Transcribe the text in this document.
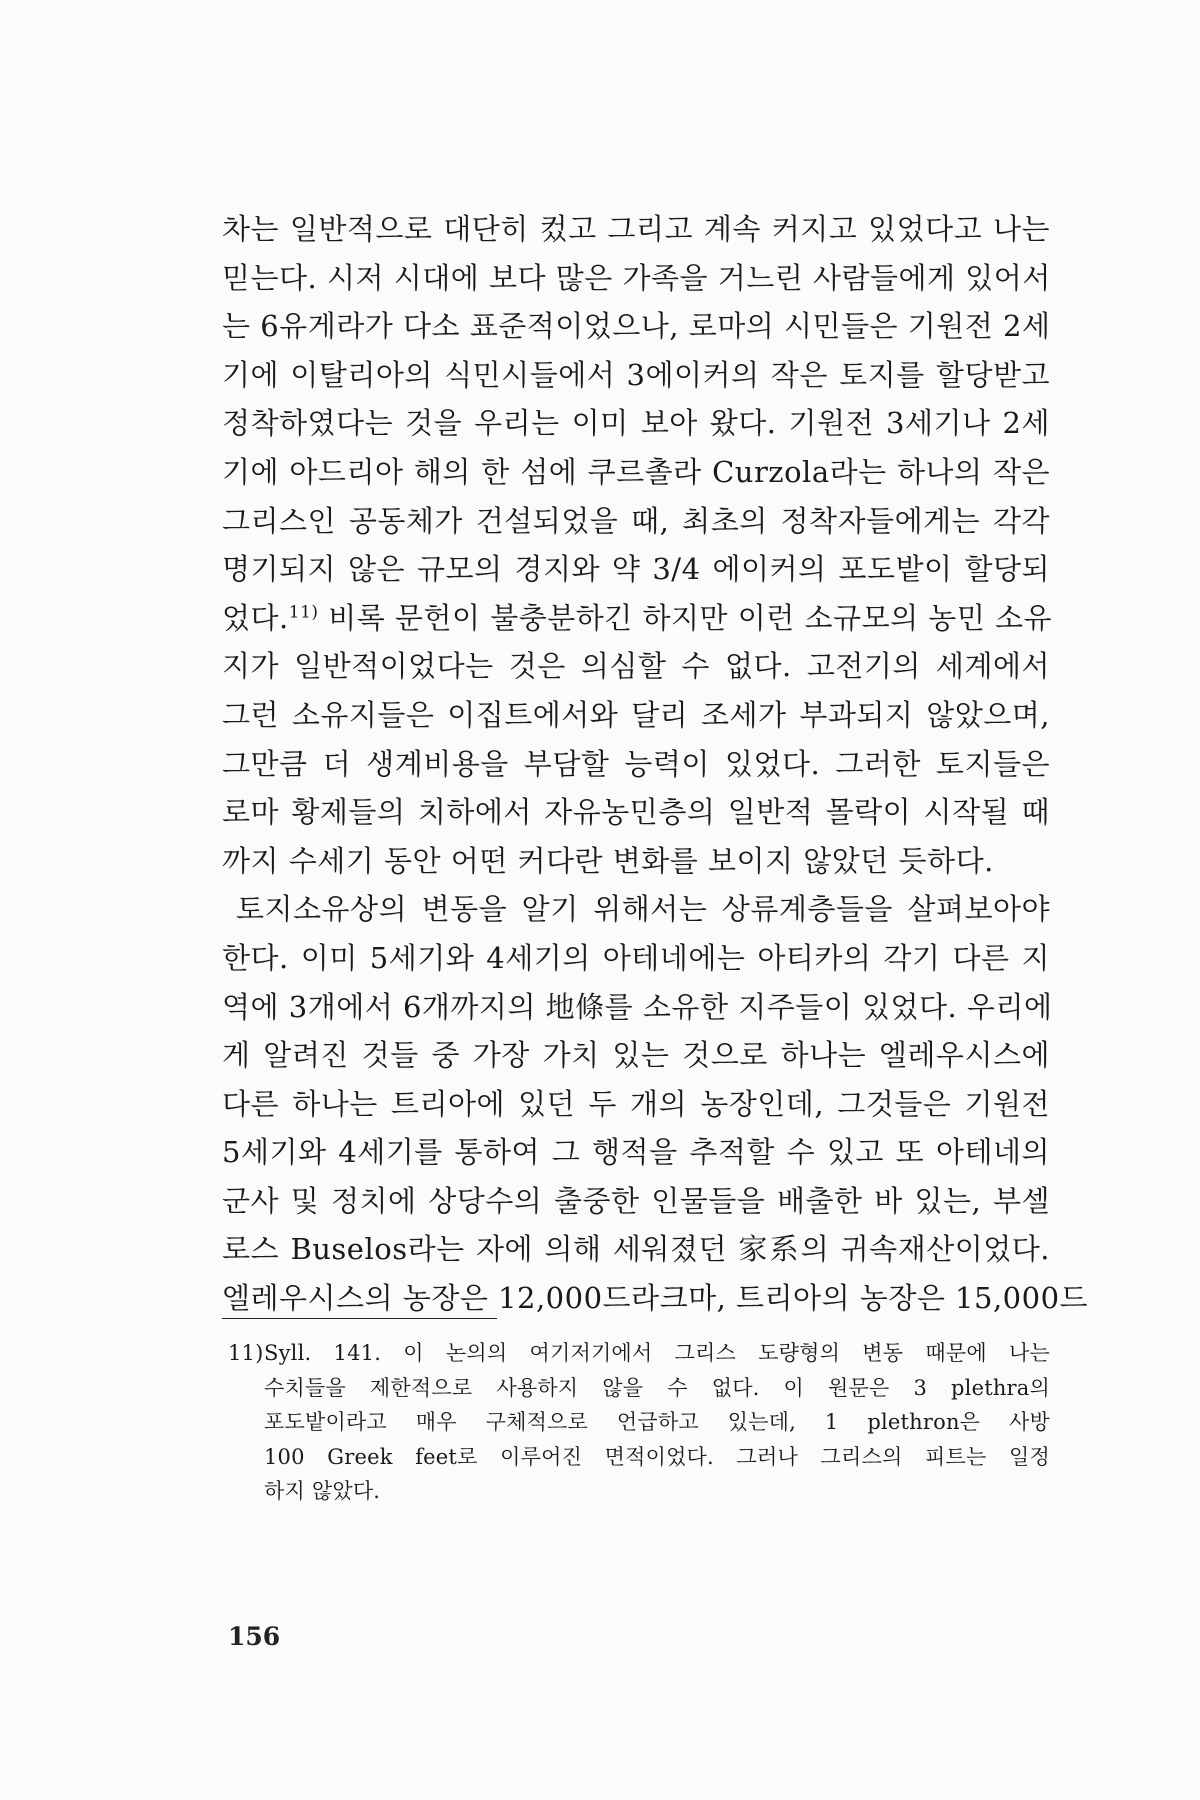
차는 일반적으로 대단히 컸고 그리고 계속 커지고 있었다고 나는
믿는다. 시저 시대에 보다 많은 가족을 거느린 사람들에게 있어서
는 6유게라가 다소 표준적이었으나, 로마의 시민들은 기원전 2세
기에 이탈리아의 식민시들에서 3에이커의 작은 토지를 할당받고
정착하였다는 것을 우리는 이미 보아 왔다. 기원전 3세기나 2세
기에 아드리아 해의 한 섬에 쿠르촐라 Curzola라는 하나의 작은
그리스인 공동체가 건설되었을 때, 최초의 정착자들에게는 각각
명기되지 않은 규모의 경지와 약 3/4 에이커의 포도밭이 할당되
었다.$^{11)}$ 비록 문헌이 불충분하긴 하지만 이런 소규모의 농민 소유
지가 일반적이었다는 것은 의심할 수 없다. 고전기의 세계에서
그런 소유지들은 이집트에서와 달리 조세가 부과되지 않았으며,
그만큼 더 생계비용을 부담할 능력이 있었다. 그러한 토지들은
로마 황제들의 치하에서 자유농민층의 일반적 몰락이 시작될 때
까지 수세기 동안 어떤 커다란 변화를 보이지 않았던 듯하다.
토지소유상의 변동을 알기 위해서는 상류계층들을 살펴보아야
한다. 이미 5세기와 4세기의 아테네에는 아티카의 각기 다른 지
역에 3개에서 6개까지의 地條를 소유한 지주들이 있었다. 우리에
게 알려진 것들 중 가장 가치 있는 것으로 하나는 엘레우시스에
다른 하나는 트리아에 있던 두 개의 농장인데, 그것들은 기원전
5세기와 4세기를 통하여 그 행적을 추적할 수 있고 또 아테네의
군사 및 정치에 상당수의 출중한 인물들을 배출한 바 있는, 부셀
로스 Buselos라는 자에 의해 세워졌던 家系의 귀속재산이었다.
엘레우시스의 농장은 12,000드라크마, 트리아의 농장은 15,000드
11)Syll. 141. 이 논의의 여기저기에서 그리스 도량형의 변동 때문에 나는
수치들을 제한적으로 사용하지 않을 수 없다. 이 원문은 3 plethra의
포도밭이라고 매우 구체적으로 언급하고 있는데, 1 plethron은 사방
100 Greek feet로 이루어진 면적이었다. 그러나 그리스의 피트는 일정
하지 않았다.
156
